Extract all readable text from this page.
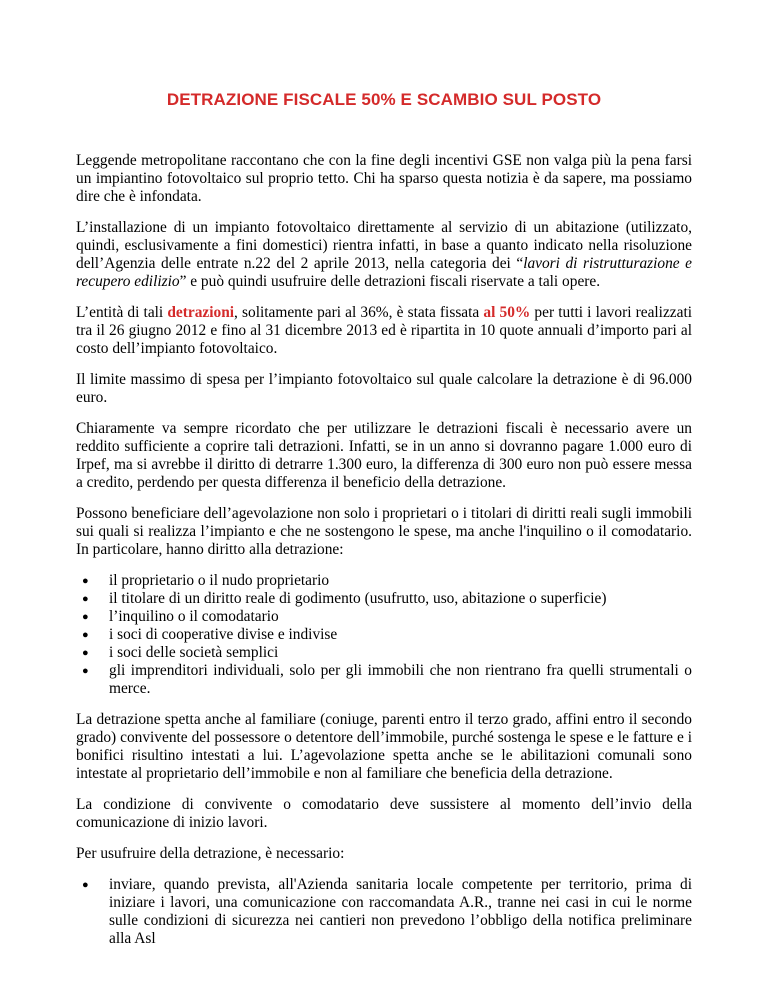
DETRAZIONE FISCALE 50% E SCAMBIO SUL POSTO

Leggende metropolitane raccontano che con la fine degli incentivi GSE non valga più la pena farsi un impiantino fotovoltaico sul proprio tetto. Chi ha sparso questa notizia è da sapere, ma possiamo dire che è infondata.

L’installazione di un impianto fotovoltaico direttamente al servizio di un abitazione (utilizzato, quindi, esclusivamente a fini domestici) rientra infatti, in base a quanto indicato nella risoluzione dell’Agenzia delle entrate n.22 del 2 aprile 2013, nella categoria dei “lavori di ristrutturazione e recupero edilizio” e può quindi usufruire delle detrazioni fiscali riservate a tali opere.

L’entità di tali detrazioni, solitamente pari al 36%, è stata fissata al 50% per tutti i lavori realizzati tra il 26 giugno 2012 e fino al 31 dicembre 2013 ed è ripartita in 10 quote annuali d’importo pari al costo dell’impianto fotovoltaico.

Il limite massimo di spesa per l’impianto fotovoltaico sul quale calcolare la detrazione è di 96.000 euro.

Chiaramente va sempre ricordato che per utilizzare le detrazioni fiscali è necessario avere un reddito sufficiente a coprire tali detrazioni. Infatti, se in un anno si dovranno pagare 1.000 euro di Irpef, ma si avrebbe il diritto di detrarre 1.300 euro, la differenza di 300 euro non può essere messa a credito, perdendo per questa differenza il beneficio della detrazione.

Possono beneficiare dell’agevolazione non solo i proprietari o i titolari di diritti reali sugli immobili sui quali si realizza l’impianto e che ne sostengono le spese, ma anche l'inquilino o il comodatario. In particolare, hanno diritto alla detrazione:

● il proprietario o il nudo proprietario
● il titolare di un diritto reale di godimento (usufrutto, uso, abitazione o superficie)
● l’inquilino o il comodatario
● i soci di cooperative divise e indivise
● i soci delle società semplici
● gli imprenditori individuali, solo per gli immobili che non rientrano fra quelli strumentali o merce.

La detrazione spetta anche al familiare (coniuge, parenti entro il terzo grado, affini entro il secondo grado) convivente del possessore o detentore dell’immobile, purché sostenga le spese e le fatture e i bonifici risultino intestati a lui. L’agevolazione spetta anche se le abilitazioni comunali sono intestate al proprietario dell’immobile e non al familiare che beneficia della detrazione.

La condizione di convivente o comodatario deve sussistere al momento dell’invio della comunicazione di inizio lavori.

Per usufruire della detrazione, è necessario:

● inviare, quando prevista, all'Azienda sanitaria locale competente per territorio, prima di iniziare i lavori, una comunicazione con raccomandata A.R., tranne nei casi in cui le norme sulle condizioni di sicurezza nei cantieri non prevedono l’obbligo della notifica preliminare alla Asl
